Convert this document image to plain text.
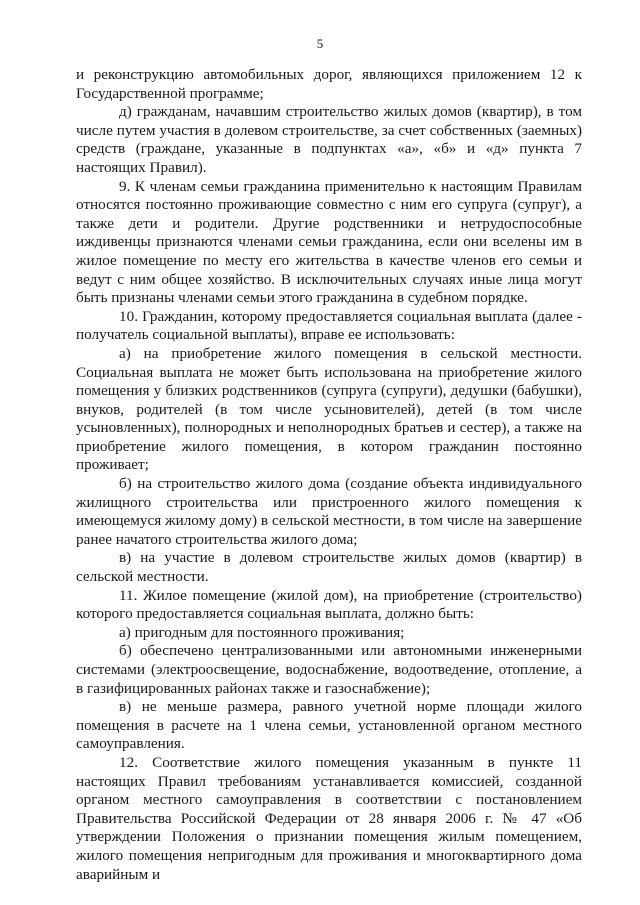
5

и реконструкцию автомобильных дорог, являющихся приложением 12 к Государственной программе;

д) гражданам, начавшим строительство жилых домов (квартир), в том числе путем участия в долевом строительстве, за счет собственных (заемных) средств (граждане, указанные в подпунктах «а», «б» и «д» пункта 7 настоящих Правил).

9. К членам семьи гражданина применительно к настоящим Правилам относятся постоянно проживающие совместно с ним его супруга (супруг), а также дети и родители. Другие родственники и нетрудоспособные иждивенцы признаются членами семьи гражданина, если они вселены им в жилое помещение по месту его жительства в качестве членов его семьи и ведут с ним общее хозяйство. В исключительных случаях иные лица могут быть признаны членами семьи этого гражданина в судебном порядке.

10. Гражданин, которому предоставляется социальная выплата (далее - получатель социальной выплаты), вправе ее использовать:

а) на приобретение жилого помещения в сельской местности. Социальная выплата не может быть использована на приобретение жилого помещения у близких родственников (супруга (супруги), дедушки (бабушки), внуков, родителей (в том числе усыновителей), детей (в том числе усыновленных), полнородных и неполнородных братьев и сестер), а также на приобретение жилого помещения, в котором гражданин постоянно проживает;

б) на строительство жилого дома (создание объекта индивидуального жилищного строительства или пристроенного жилого помещения к имеющемуся жилому дому) в сельской местности, в том числе на завершение ранее начатого строительства жилого дома;

в) на участие в долевом строительстве жилых домов (квартир) в сельской местности.

11. Жилое помещение (жилой дом), на приобретение (строительство) которого предоставляется социальная выплата, должно быть:

а) пригодным для постоянного проживания;

б) обеспечено централизованными или автономными инженерными системами (электроосвещение, водоснабжение, водоотведение, отопление, а в газифицированных районах также и газоснабжение);

в) не меньше размера, равного учетной норме площади жилого помещения в расчете на 1 члена семьи, установленной органом местного самоуправления.

12. Соответствие жилого помещения указанным в пункте 11 настоящих Правил требованиям устанавливается комиссией, созданной органом местного самоуправления в соответствии с постановлением Правительства Российской Федерации от 28 января 2006 г. № 47 «Об утверждении Положения о признании помещения жилым помещением, жилого помещения непригодным для проживания и многоквартирного дома аварийным и
